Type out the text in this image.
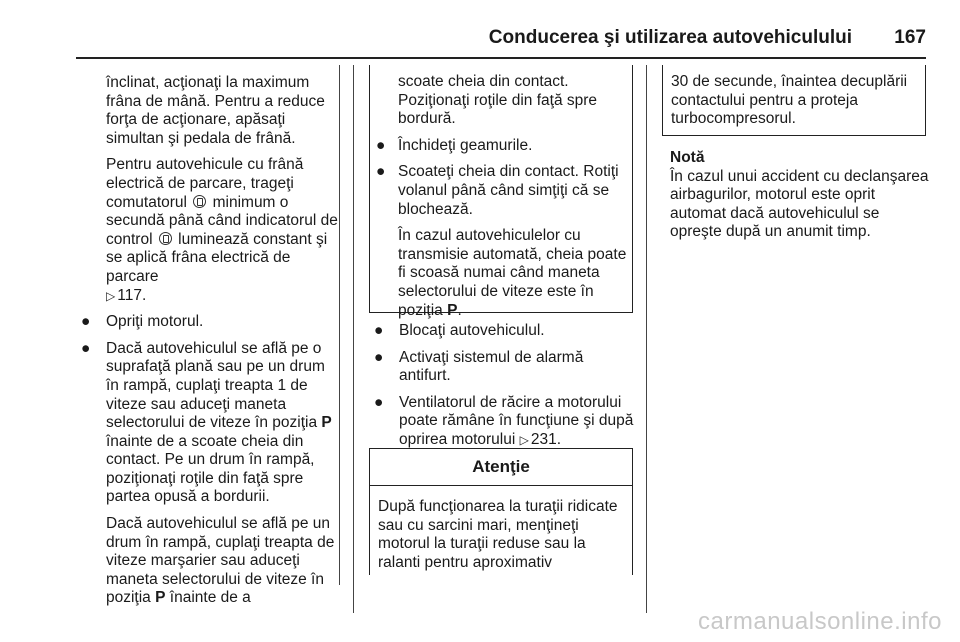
Conducerea şi utilizarea autovehiculului 167

înclinat, acţionaţi la maximum frâna de mână. Pentru a reduce forţa de acţionare, apăsaţi simultan şi pedala de frână.

Pentru autovehicule cu frână electrică de parcare, trageţi comutatorul minimum o secundă până când indicatorul de control luminează constant şi se aplică frâna electrică de parcare
▷ 117.

● Opriţi motorul.

● Dacă autovehiculul se află pe o suprafaţă plană sau pe un drum în rampă, cuplaţi treapta 1 de viteze sau aduceţi maneta selectorului de viteze în poziţia P înainte de a scoate cheia din contact. Pe un drum în rampă, poziţionaţi roţile din faţă spre partea opusă a bordurii.

Dacă autovehiculul se află pe un drum în rampă, cuplaţi treapta de viteze marşarier sau aduceţi maneta selectorului de viteze în poziţia P înainte de a

scoate cheia din contact. Poziţionaţi roţile din faţă spre bordură.

● Închideţi geamurile.

● Scoateţi cheia din contact. Rotiţi volanul până când simţiţi că se blochează.

În cazul autovehiculelor cu transmisie automată, cheia poate fi scoasă numai când maneta selectorului de viteze este în poziţia P.

● Blocaţi autovehiculul.

● Activaţi sistemul de alarmă antifurt.

● Ventilatorul de răcire a motorului poate rămâne în funcţiune şi după oprirea motorului ▷ 231.

Atenţie
După funcţionarea la turaţii ridicate sau cu sarcini mari, menţineţi motorul la turaţii reduse sau la ralanti pentru aproximativ
30 de secunde, înaintea decuplării contactului pentru a proteja turbocompresorul.
Notă
În cazul unui accident cu declanşarea airbagurilor, motorul este oprit automat dacă autovehiculul se opreşte după un anumit timp.
carmanualsonline.info
